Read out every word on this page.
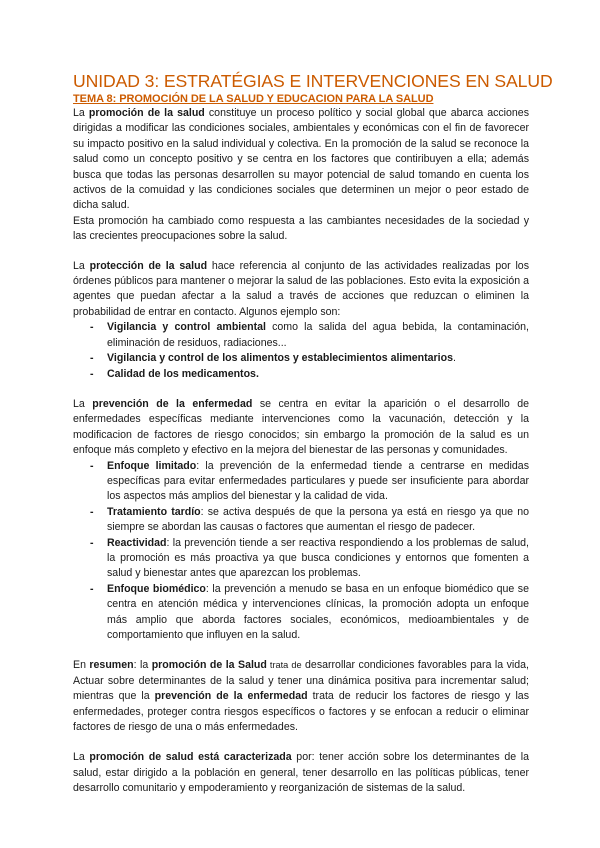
UNIDAD 3: ESTRATÉGIAS E INTERVENCIONES EN SALUD
TEMA 8: PROMOCIÓN DE LA SALUD Y EDUCACION PARA LA SALUD

La promoción de la salud constituye un proceso político y social global que abarca acciones dirigidas a modificar las condiciones sociales, ambientales y económicas con el fin de favorecer su impacto positivo en la salud individual y colectiva. En la promoción de la salud se reconoce la salud como un concepto positivo y se centra en los factores que contiribuyen a ella; además busca que todas las personas desarrollen su mayor potencial de salud tomando en cuenta los activos de la comuidad y las condiciones sociales que determinen un mejor o peor estado de dicha salud.

Esta promoción ha cambiado como respuesta a las cambiantes necesidades de la sociedad y las crecientes preocupaciones sobre la salud.

La protección de la salud hace referencia al conjunto de las actividades realizadas por los órdenes públicos para mantener o mejorar la salud de las poblaciones. Esto evita la exposición a agentes que puedan afectar a la salud a través de acciones que reduzcan o eliminen la probabilidad de entrar en contacto. Algunos ejemplo son:

- Vigilancia y control ambiental como la salida del agua bebida, la contaminación, eliminación de residuos, radiaciones...
- Vigilancia y control de los alimentos y establecimientos alimentarios.
- Calidad de los medicamentos.

La prevención de la enfermedad se centra en evitar la aparición o el desarrollo de enfermedades específicas mediante intervenciones como la vacunación, detección y la modificacion de factores de riesgo conocidos; sin embargo la promoción de la salud es un enfoque más completo y efectivo en la mejora del bienestar de las personas y comunidades.

- Enfoque limitado: la prevención de la enfermedad tiende a centrarse en medidas específicas para evitar enfermedades particulares y puede ser insuficiente para abordar los aspectos más amplios del bienestar y la calidad de vida.
- Tratamiento tardío: se activa después de que la persona ya está en riesgo ya que no siempre se abordan las causas o factores que aumentan el riesgo de padecer.
- Reactividad: la prevención tiende a ser reactiva respondiendo a los problemas de salud, la promoción es más proactiva ya que busca condiciones y entornos que fomenten a salud y bienestar antes que aparezcan los problemas.
- Enfoque biomédico: la prevención a menudo se basa en un enfoque biomédico que se centra en atención médica y intervenciones clínicas, la promoción adopta un enfoque más amplio que aborda factores sociales, económicos, medioambientales y de comportamiento que influyen en la salud.

En resumen: la promoción de la Salud trata de desarrollar condiciones favorables para la vida, Actuar sobre determinantes de la salud y tener una dinámica positiva para incrementar salud; mientras que la prevención de la enfermedad trata de reducir los factores de riesgo y las enfermedades, proteger contra riesgos específicos o factores y se enfocan a reducir o eliminar factores de riesgo de una o más enfermedades.

La promoción de salud está caracterizada por: tener acción sobre los determinantes de la salud, estar dirigido a la población en general, tener desarrollo en las políticas públicas, tener desarrollo comunitario y empoderamiento y reorganización de sistemas de la salud.
